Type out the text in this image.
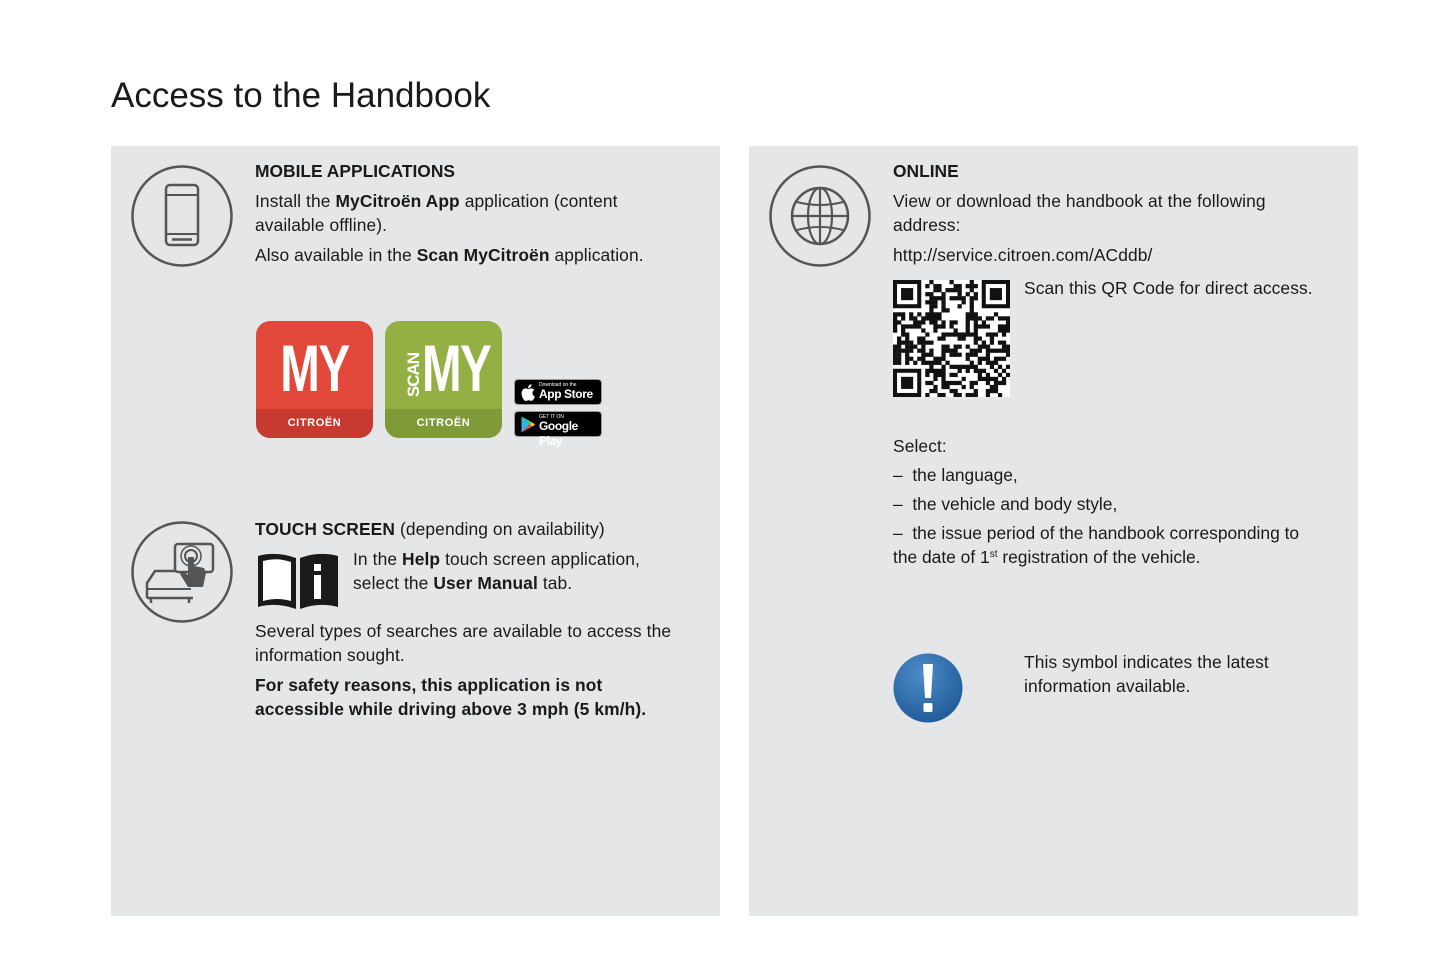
Access to the Handbook
MOBILE APPLICATIONS
Install the MyCitroën App application (content
available offline).
Also available in the Scan MyCitroën application.
MY
CITROËN
SCAN MY
CITROËN
Download on the
App Store
GET IT ON
Google Play
TOUCH SCREEN (depending on availability)
In the Help touch screen application,
select the User Manual tab.
Several types of searches are available to access the
information sought.
For safety reasons, this application is not
accessible while driving above 3 mph (5 km/h).
ONLINE
View or download the handbook at the following
address:
http://service.citroen.com/ACddb/
Scan this QR Code for direct access.
Select:
– the language,
– the vehicle and body style,
– the issue period of the handbook corresponding to
the date of 1st registration of the vehicle.
This symbol indicates the latest
information available.
